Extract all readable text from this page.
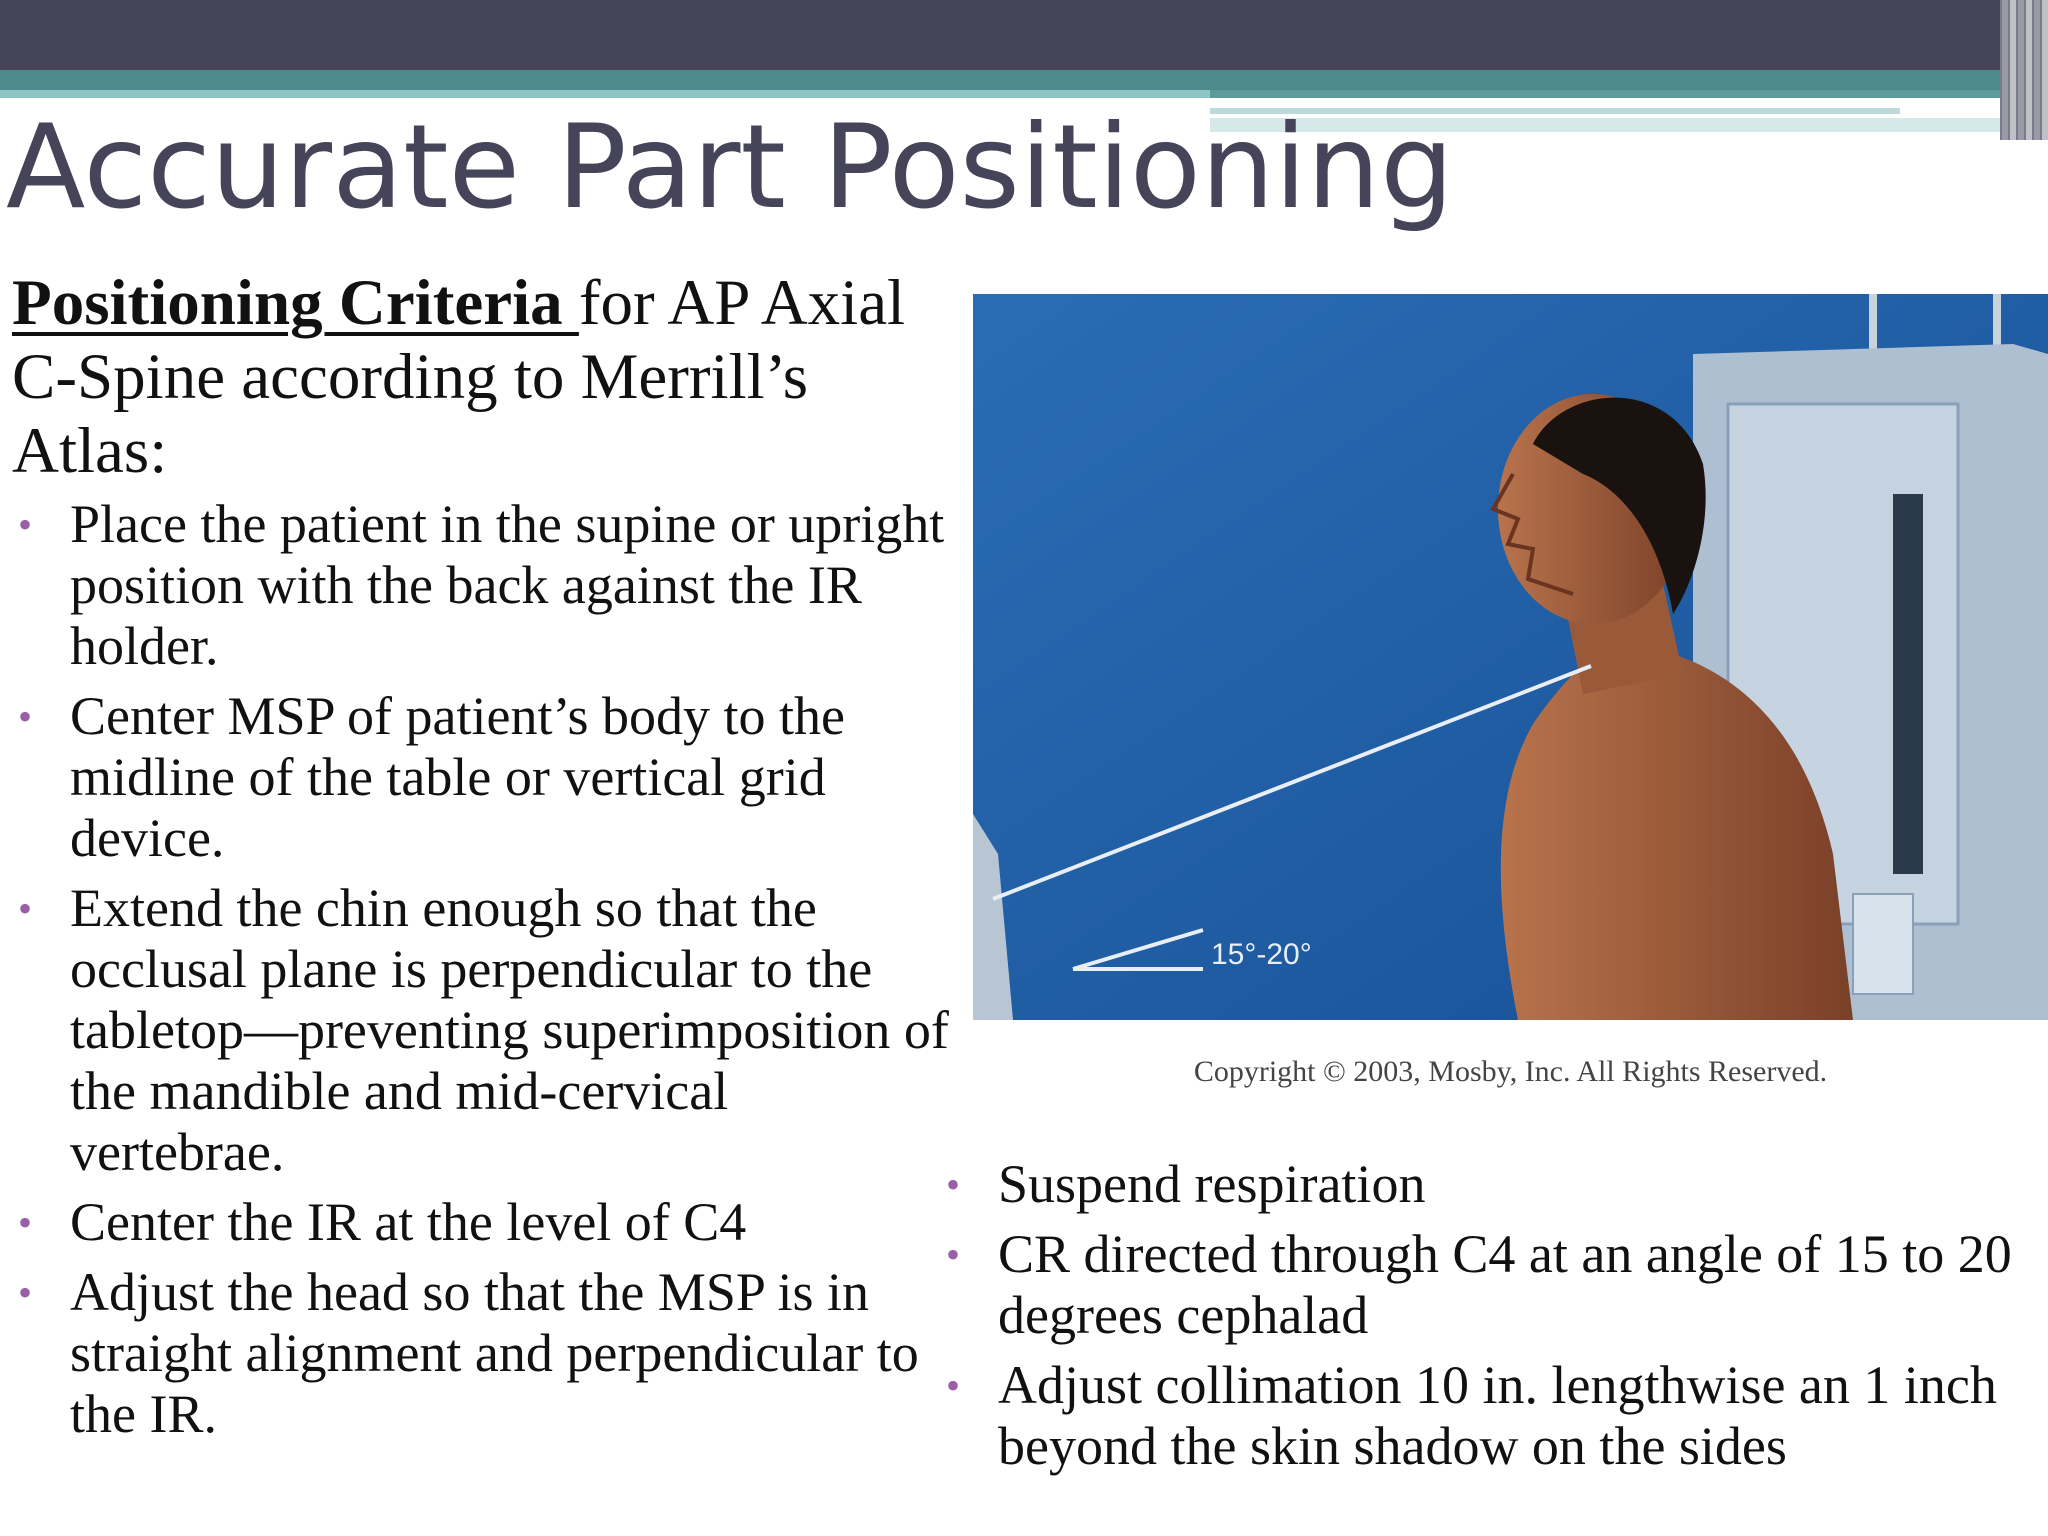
Accurate Part Positioning

Positioning Criteria for AP Axial C-Spine according to Merrill’s Atlas:

• Place the patient in the supine or upright position with the back against the IR holder.
• Center MSP of patient’s body to the midline of the table or vertical grid device.
• Extend the chin enough so that the occlusal plane is perpendicular to the tabletop—preventing superimposition of the mandible and mid-cervical vertebrae.
• Center the IR at the level of C4
• Adjust the head so that the MSP is in straight alignment and perpendicular to the IR.
15°-20°
Copyright © 2003, Mosby, Inc. All Rights Reserved.
• Suspend respiration
• CR directed through C4 at an angle of 15 to 20 degrees cephalad
• Adjust collimation 10 in. lengthwise an 1 inch beyond the skin shadow on the sides
